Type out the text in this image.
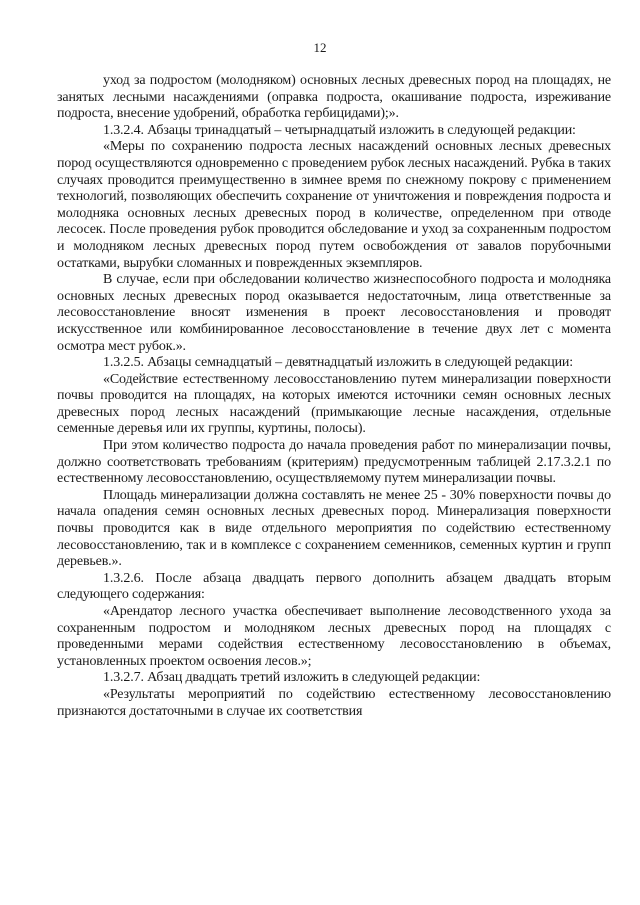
12

уход за подростом (молодняком) основных лесных древесных пород на площадях, не занятых лесными насаждениями (оправка подроста, окашивание подроста, изреживание подроста, внесение удобрений, обработка гербицидами);».

1.3.2.4. Абзацы тринадцатый – четырнадцатый изложить в следующей редакции:

«Меры по сохранению подроста лесных насаждений основных лесных древесных пород осуществляются одновременно с проведением рубок лесных насаждений. Рубка в таких случаях проводится преимущественно в зимнее время по снежному покрову с применением технологий, позволяющих обеспечить сохранение от уничтожения и повреждения подроста и молодняка основных лесных древесных пород в количестве, определенном при отводе лесосек. После проведения рубок проводится обследование и уход за сохраненным подростом и молодняком лесных древесных пород путем освобождения от завалов порубочными остатками, вырубки сломанных и поврежденных экземпляров.

В случае, если при обследовании количество жизнеспособного подроста и молодняка основных лесных древесных пород оказывается недостаточным, лица ответственные за лесовосстановление вносят изменения в проект лесовосстановления и проводят искусственное или комбинированное лесовосстановление в течение двух лет с момента осмотра мест рубок.».

1.3.2.5. Абзацы семнадцатый – девятнадцатый изложить в следующей редакции:

«Содействие естественному лесовосстановлению путем минерализации поверхности почвы проводится на площадях, на которых имеются источники семян основных лесных древесных пород лесных насаждений (примыкающие лесные насаждения, отдельные семенные деревья или их группы, куртины, полосы).

При этом количество подроста до начала проведения работ по минерализации почвы, должно соответствовать требованиям (критериям) предусмотренным таблицей 2.17.3.2.1 по естественному лесовосстановлению, осуществляемому путем минерализации почвы.

Площадь минерализации должна составлять не менее 25 - 30% поверхности почвы до начала опадения семян основных лесных древесных пород. Минерализация поверхности почвы проводится как в виде отдельного мероприятия по содействию естественному лесовосстановлению, так и в комплексе с сохранением семенников, семенных куртин и групп деревьев.».

1.3.2.6. После абзаца двадцать первого дополнить абзацем двадцать вторым следующего содержания:

«Арендатор лесного участка обеспечивает выполнение лесоводственного ухода за сохраненным подростом и молодняком лесных древесных пород на площадях с проведенными мерами содействия естественному лесовосстановлению в объемах, установленных проектом освоения лесов.»;

1.3.2.7. Абзац двадцать третий изложить в следующей редакции:

«Результаты мероприятий по содействию естественному лесовосстановлению признаются достаточными в случае их соответствия
